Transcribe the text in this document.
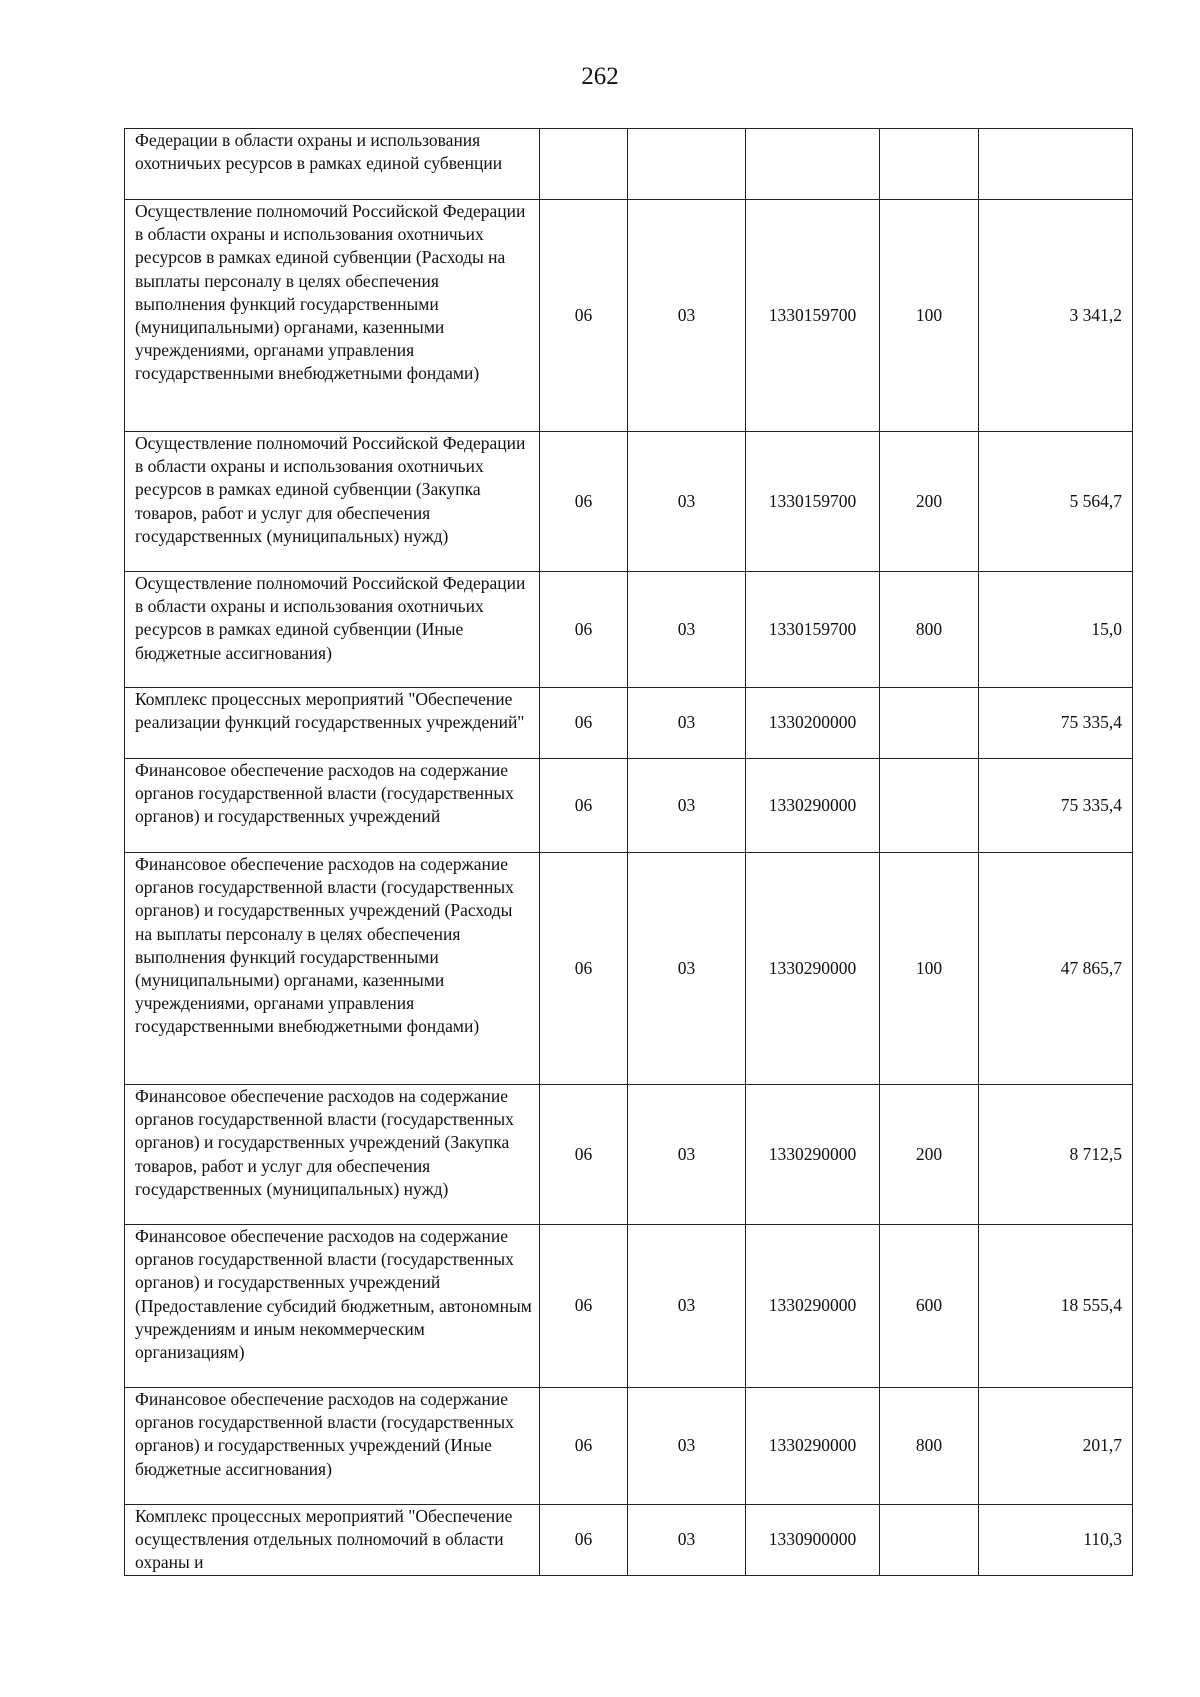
262
Федерации в области охраны и использования охотничьих ресурсов в рамках единой субвенции					
Осуществление полномочий Российской Федерации в области охраны и использования охотничьих ресурсов в рамках единой субвенции (Расходы на выплаты персоналу в целях обеспечения выполнения функций государственными (муниципальными) органами, казенными учреждениями, органами управления государственными внебюджетными фондами)	06	03	1330159700	100	3 341,2
Осуществление полномочий Российской Федерации в области охраны и использования охотничьих ресурсов в рамках единой субвенции (Закупка товаров, работ и услуг для обеспечения государственных (муниципальных) нужд)	06	03	1330159700	200	5 564,7
Осуществление полномочий Российской Федерации в области охраны и использования охотничьих ресурсов в рамках единой субвенции (Иные бюджетные ассигнования)	06	03	1330159700	800	15,0
Комплекс процессных мероприятий "Обеспечение реализации функций государственных учреждений"	06	03	1330200000		75 335,4
Финансовое обеспечение расходов на содержание органов государственной власти (государственных органов) и государственных учреждений	06	03	1330290000		75 335,4
Финансовое обеспечение расходов на содержание органов государственной власти (государственных органов) и государственных учреждений (Расходы на выплаты персоналу в целях обеспечения выполнения функций государственными (муниципальными) органами, казенными учреждениями, органами управления государственными внебюджетными фондами)	06	03	1330290000	100	47 865,7
Финансовое обеспечение расходов на содержание органов государственной власти (государственных органов) и государственных учреждений (Закупка товаров, работ и услуг для обеспечения государственных (муниципальных) нужд)	06	03	1330290000	200	8 712,5
Финансовое обеспечение расходов на содержание органов государственной власти (государственных органов) и государственных учреждений (Предоставление субсидий бюджетным, автономным учреждениям и иным некоммерческим организациям)	06	03	1330290000	600	18 555,4
Финансовое обеспечение расходов на содержание органов государственной власти (государственных органов) и государственных учреждений (Иные бюджетные ассигнования)	06	03	1330290000	800	201,7
Комплекс процессных мероприятий "Обеспечение осуществления отдельных полномочий в области охраны и	06	03	1330900000		110,3
